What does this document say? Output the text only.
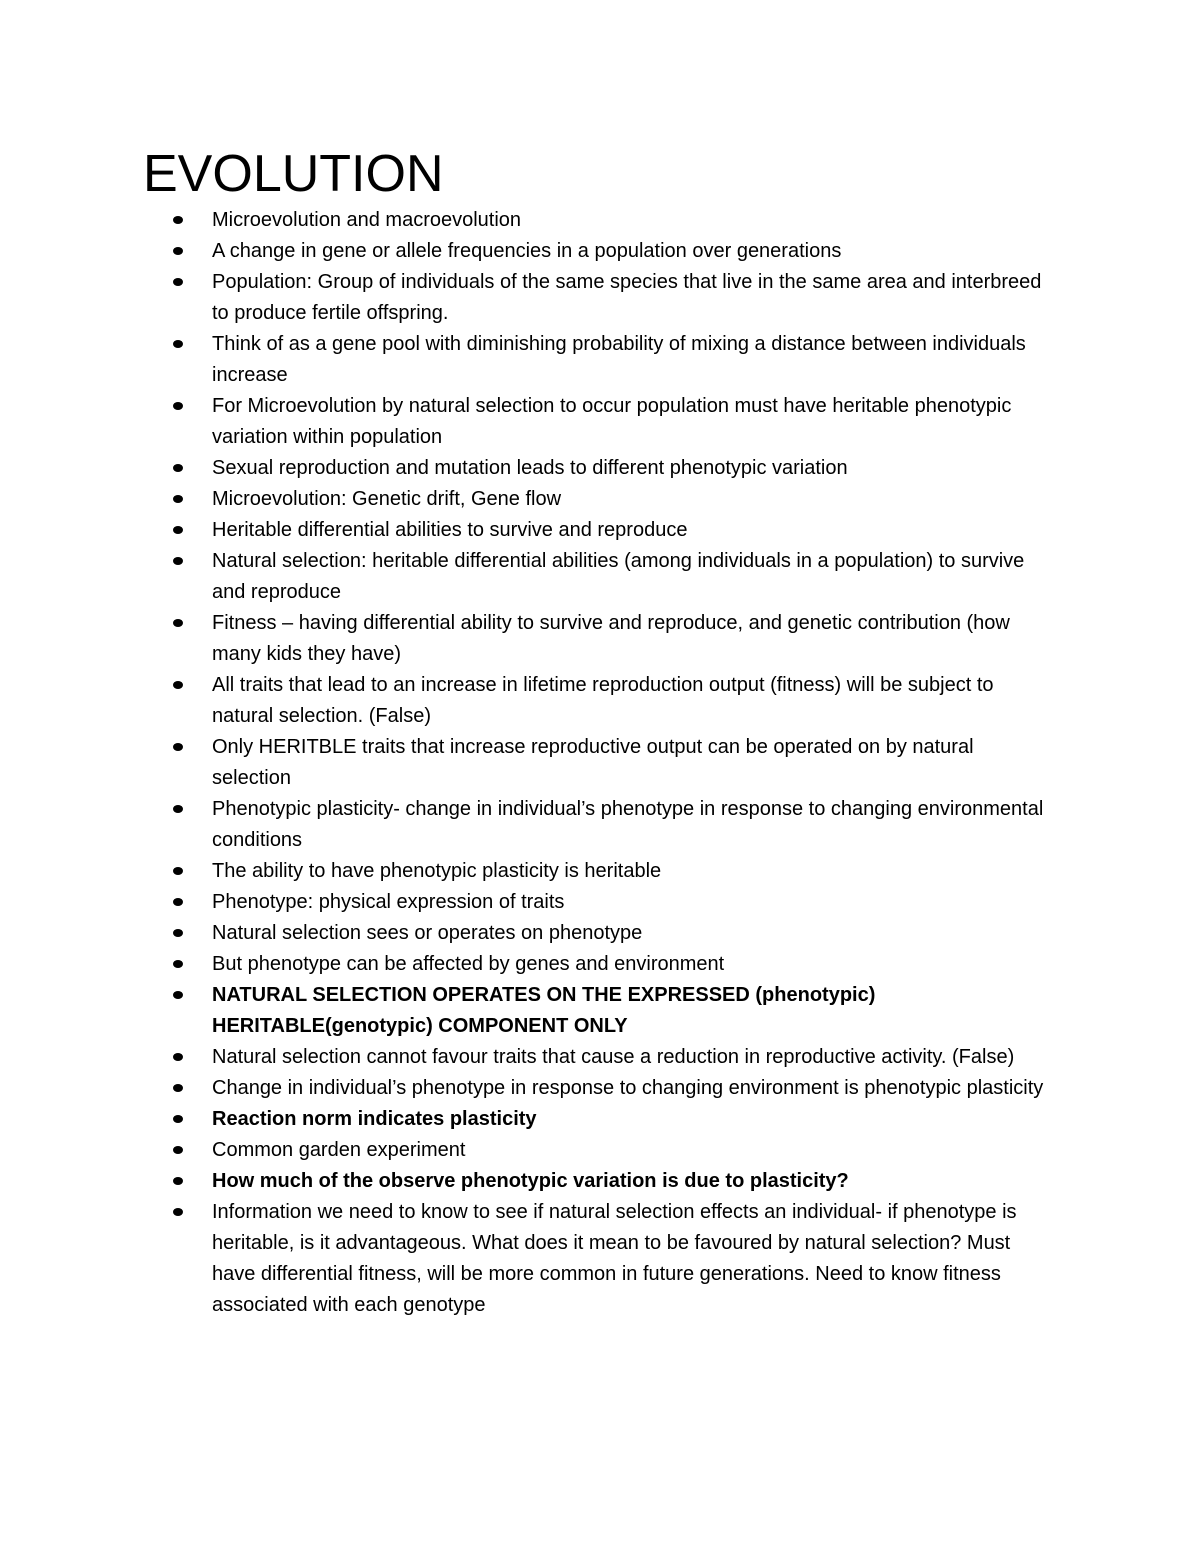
EVOLUTION
Microevolution and macroevolution
A change in gene or allele frequencies in a population over generations
Population: Group of individuals of the same species that live in the same area and interbreed to produce fertile offspring.
Think of as a gene pool with diminishing probability of mixing a distance between individuals increase
For Microevolution by natural selection to occur population must have heritable phenotypic variation within population
Sexual reproduction and mutation leads to different phenotypic variation
Microevolution: Genetic drift, Gene flow
Heritable differential abilities to survive and reproduce
Natural selection: heritable differential abilities (among individuals in a population) to survive and reproduce
Fitness – having differential ability to survive and reproduce, and genetic contribution (how many kids they have)
All traits that lead to an increase in lifetime reproduction output (fitness) will be subject to natural selection. (False)
Only HERITBLE traits that increase reproductive output can be operated on by natural selection
Phenotypic plasticity- change in individual’s phenotype in response to changing environmental conditions
The ability to have phenotypic plasticity is heritable
Phenotype: physical expression of traits
Natural selection sees or operates on phenotype
But phenotype can be affected by genes and environment
NATURAL SELECTION OPERATES ON THE EXPRESSED (phenotypic) HERITABLE(genotypic) COMPONENT ONLY
Natural selection cannot favour traits that cause a reduction in reproductive activity. (False)
Change in individual’s phenotype in response to changing environment is phenotypic plasticity
Reaction norm indicates plasticity
Common garden experiment
How much of the observe phenotypic variation is due to plasticity?
Information we need to know to see if natural selection effects an individual- if phenotype is heritable, is it advantageous. What does it mean to be favoured by natural selection? Must have differential fitness, will be more common in future generations. Need to know fitness associated with each genotype
